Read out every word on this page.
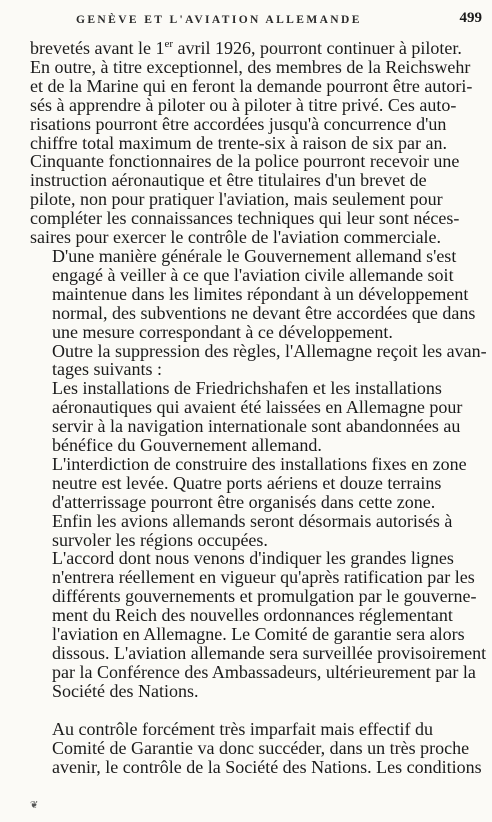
GENÈVE ET L'AVIATION ALLEMANDE	499

brevetés avant le 1er avril 1926, pourront continuer à piloter.
En outre, à titre exceptionnel, des membres de la Reichswehr
et de la Marine qui en feront la demande pourront être autori-
sés à apprendre à piloter ou à piloter à titre privé. Ces auto-
risations pourront être accordées jusqu'à concurrence d'un
chiffre total maximum de trente-six à raison de six par an.
Cinquante fonctionnaires de la police pourront recevoir une
instruction aéronautique et être titulaires d'un brevet de
pilote, non pour pratiquer l'aviation, mais seulement pour
compléter les connaissances techniques qui leur sont néces-
saires pour exercer le contrôle de l'aviation commerciale.

D'une manière générale le Gouvernement allemand s'est
engagé à veiller à ce que l'aviation civile allemande soit
maintenue dans les limites répondant à un développement
normal, des subventions ne devant être accordées que dans
une mesure correspondant à ce développement.

Outre la suppression des règles, l'Allemagne reçoit les avan-
tages suivants :

Les installations de Friedrichshafen et les installations
aéronautiques qui avaient été laissées en Allemagne pour
servir à la navigation internationale sont abandonnées au
bénéfice du Gouvernement allemand.

L'interdiction de construire des installations fixes en zone
neutre est levée. Quatre ports aériens et douze terrains
d'atterrissage pourront être organisés dans cette zone.

Enfin les avions allemands seront désormais autorisés à
survoler les régions occupées.

L'accord dont nous venons d'indiquer les grandes lignes
n'entrera réellement en vigueur qu'après ratification par les
différents gouvernements et promulgation par le gouverne-
ment du Reich des nouvelles ordonnances réglementant
l'aviation en Allemagne. Le Comité de garantie sera alors
dissous. L'aviation allemande sera surveillée provisoirement
par la Conférence des Ambassadeurs, ultérieurement par la
Société des Nations.

Au contrôle forcément très imparfait mais effectif du
Comité de Garantie va donc succéder, dans un très proche
avenir, le contrôle de la Société des Nations. Les conditions

❦
